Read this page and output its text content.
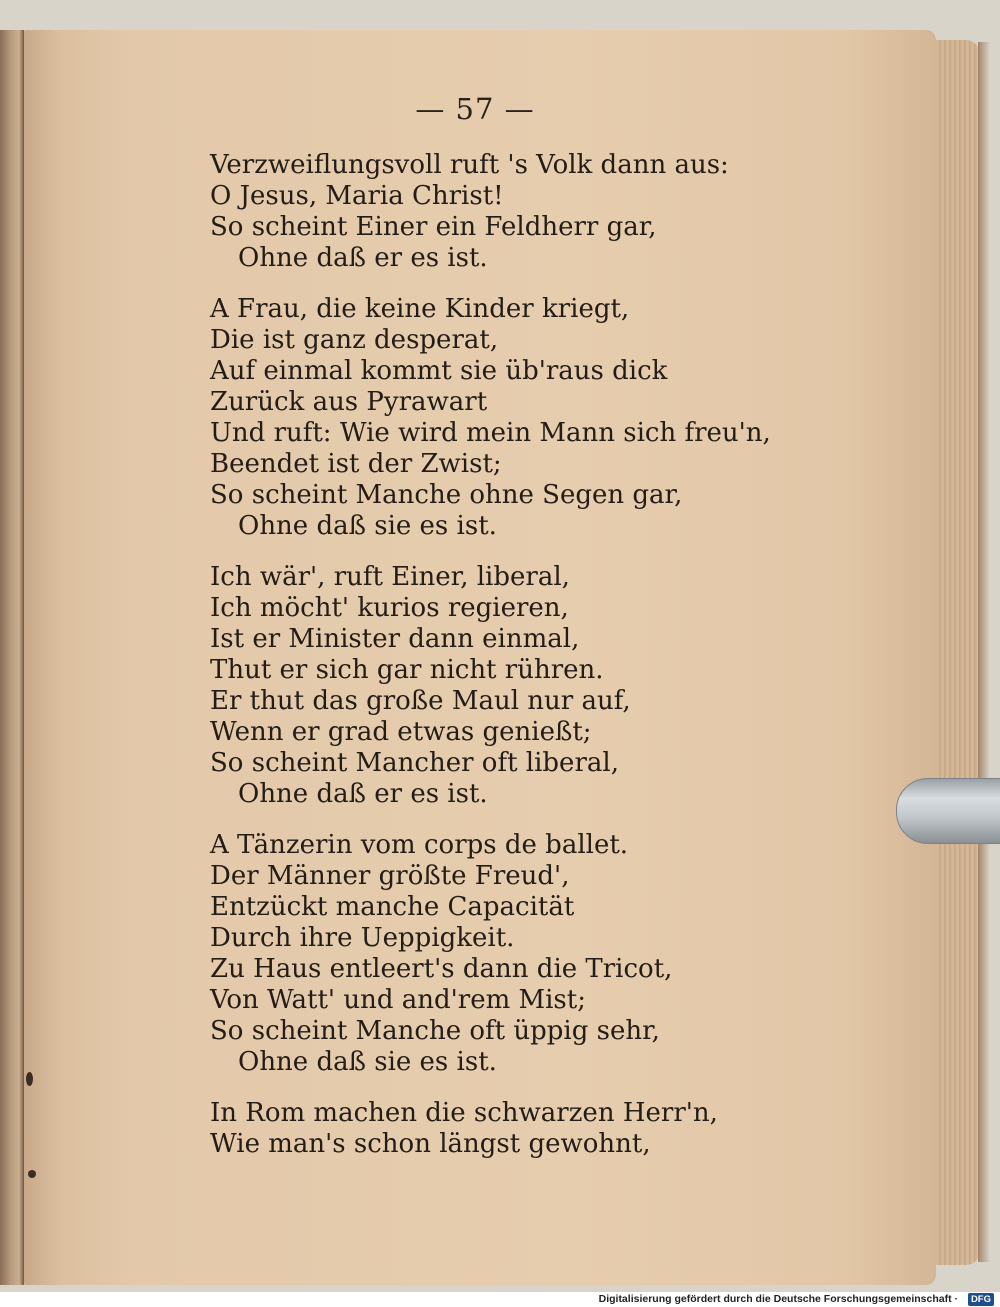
— 57 —
Verzweiflungsvoll ruft 's Volk dann aus:
O Jesus, Maria Christ!
So scheint Einer ein Feldherr gar,
Ohne daß er es ist.
A Frau, die keine Kinder kriegt,
Die ist ganz desperat,
Auf einmal kommt sie üb'raus dick
Zurück aus Pyrawart
Und ruft: Wie wird mein Mann sich freu'n,
Beendet ist der Zwist;
So scheint Manche ohne Segen gar,
Ohne daß sie es ist.
Ich wär', ruft Einer, liberal,
Ich möcht' kurios regieren,
Ist er Minister dann einmal,
Thut er sich gar nicht rühren.
Er thut das große Maul nur auf,
Wenn er grad etwas genießt;
So scheint Mancher oft liberal,
Ohne daß er es ist.
A Tänzerin vom corps de ballet.
Der Männer größte Freud',
Entzückt manche Capacität
Durch ihre Ueppigkeit.
Zu Haus entleert's dann die Tricot,
Von Watt' und and'rem Mist;
So scheint Manche oft üppig sehr,
Ohne daß sie es ist.
In Rom machen die schwarzen Herr'n,
Wie man's schon längst gewohnt,
Digitalisierung gefördert durch die Deutsche Forschungsgemeinschaft ·	DFG
